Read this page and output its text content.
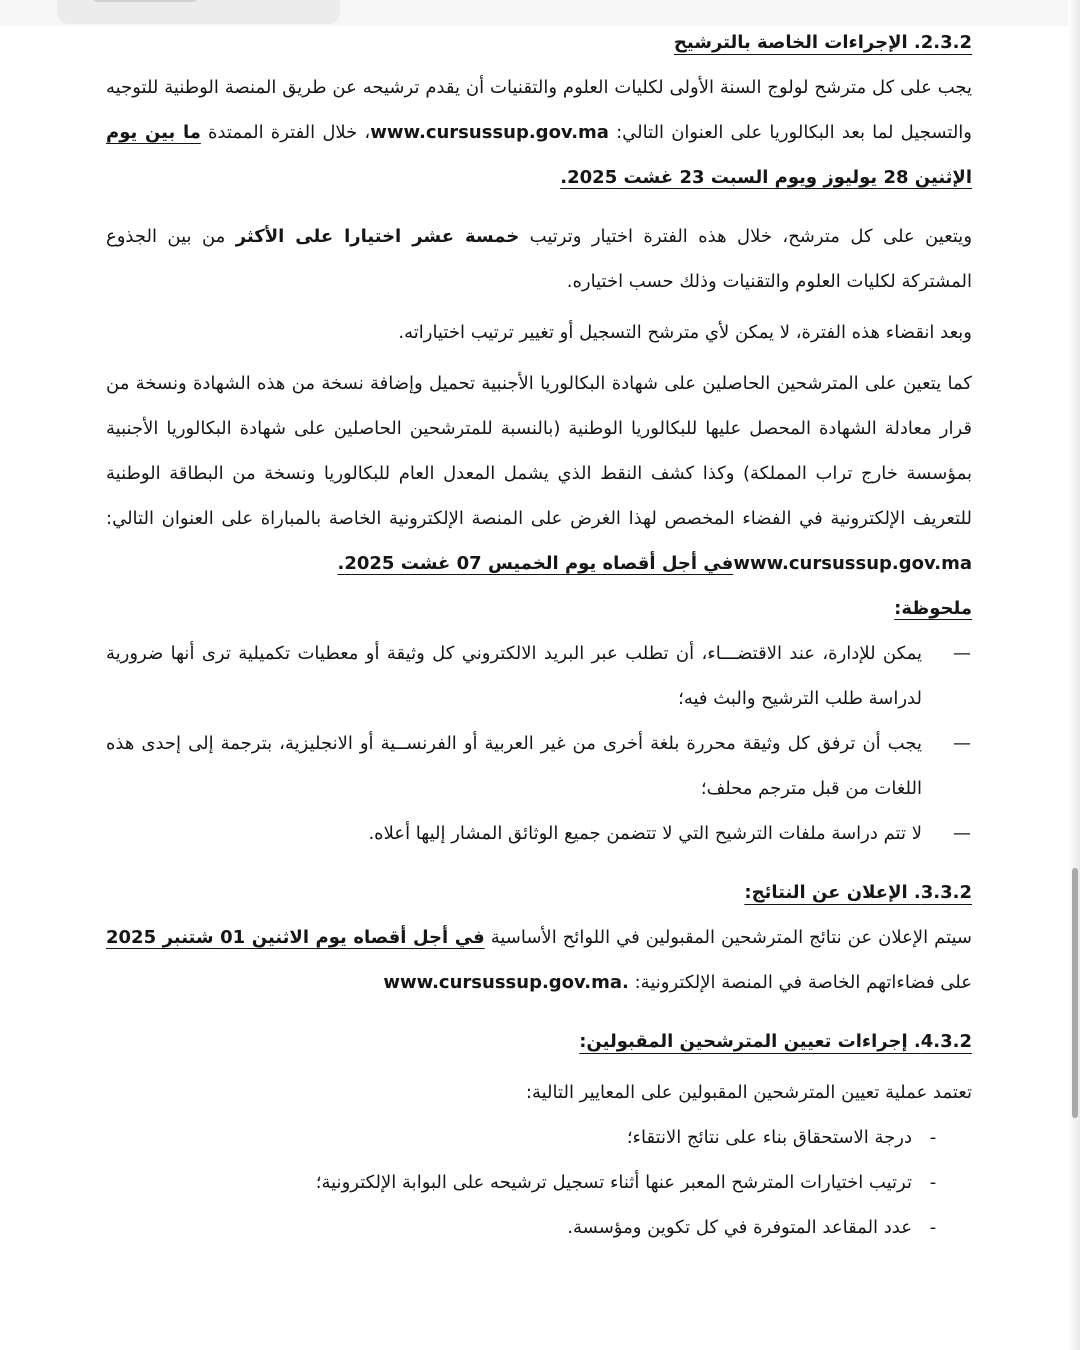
2.3.2. الإجراءات الخاصة بالترشيح

يجب على كل مترشح لولوج السنة الأولى لكليات العلوم والتقنيات أن يقدم ترشيحه عن طريق المنصة الوطنية للتوجيه والتسجيل لما بعد البكالوريا على العنوان التالي: www.cursussup.gov.ma، خلال الفترة الممتدة ما بين يوم الإثنين 28 يوليوز ويوم السبت 23 غشت 2025.

ويتعين على كل مترشح، خلال هذه الفترة اختيار وترتيب خمسة عشر اختيارا على الأكثر من بين الجذوع المشتركة لكليات العلوم والتقنيات وذلك حسب اختياره.

وبعد انقضاء هذه الفترة، لا يمكن لأي مترشح التسجيل أو تغيير ترتيب اختياراته.

كما يتعين على المترشحين الحاصلين على شهادة البكالوريا الأجنبية تحميل وإضافة نسخة من هذه الشهادة ونسخة من قرار معادلة الشهادة المحصل عليها للبكالوريا الوطنية (بالنسبة للمترشحين الحاصلين على شهادة البكالوريا الأجنبية بمؤسسة خارج تراب المملكة) وكذا كشف النقط الذي يشمل المعدل العام للبكالوريا ونسخة من البطاقة الوطنية للتعريف الإلكترونية في الفضاء المخصص لهذا الغرض على المنصة الإلكترونية الخاصة بالمباراة على العنوان التالي: www.cursussup.gov.maفي أجل أقصاه يوم الخميس 07 غشت 2025.

ملحوظة:
—
يمكن للإدارة، عند الاقتضـــاء، أن تطلب عبر البريد الالكتروني كل وثيقة أو معطيات تكميلية ترى أنها ضرورية لدراسة طلب الترشيح والبث فيه؛
—
يجب أن ترفق كل وثيقة محررة بلغة أخرى من غير العربية أو الفرنســية أو الانجليزية، بترجمة إلى إحدى هذه اللغات من قبل مترجم محلف؛
—
لا تتم دراسة ملفات الترشيح التي لا تتضمن جميع الوثائق المشار إليها أعلاه.
3.3.2. الإعلان عن النتائج:

سيتم الإعلان عن نتائج المترشحين المقبولين في اللوائح الأساسية في أجل أقصاه يوم الاثنين 01 شتنبر 2025 على فضاءاتهم الخاصة في المنصة الإلكترونية: www.cursussup.gov.ma.

4.3.2. إجراءات تعيين المترشحين المقبولين:

تعتمد عملية تعيين المترشحين المقبولين على المعايير التالية:

-
درجة الاستحقاق بناء على نتائج الانتقاء؛
-
ترتيب اختيارات المترشح المعبر عنها أثناء تسجيل ترشيحه على البوابة الإلكترونية؛
-
عدد المقاعد المتوفرة في كل تكوين ومؤسسة.
